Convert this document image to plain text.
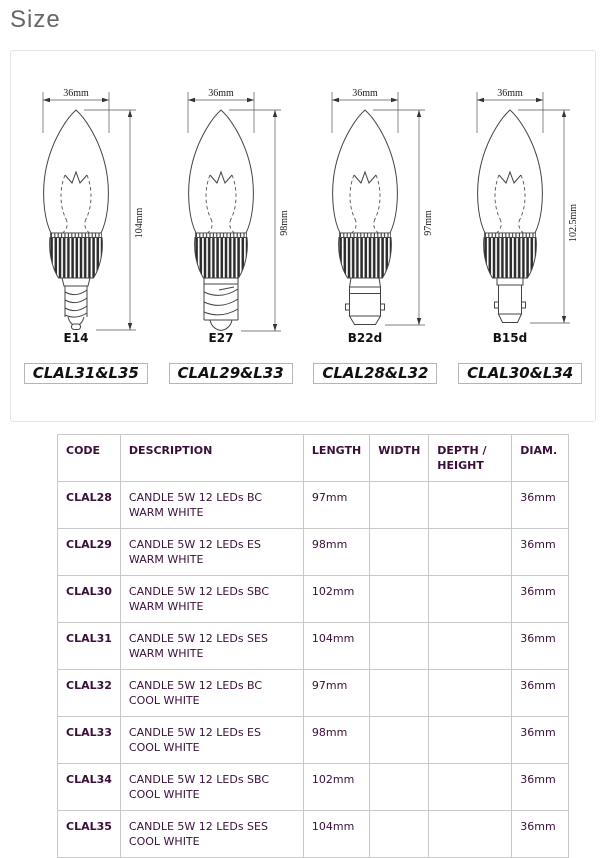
Size
36mm
104mm
E14
CLAL31&L35
36mm
98mm
E27
CLAL29&L33
36mm
97mm
B22d
CLAL28&L32
36mm
102.5mm
B15d
CLAL30&L34
CODE	DESCRIPTION	LENGTH	WIDTH	DEPTH / HEIGHT	DIAM.
CLAL28	CANDLE 5W 12 LEDs BC
WARM WHITE	97mm			36mm
CLAL29	CANDLE 5W 12 LEDs ES
WARM WHITE	98mm			36mm
CLAL30	CANDLE 5W 12 LEDs SBC
WARM WHITE	102mm			36mm
CLAL31	CANDLE 5W 12 LEDs SES
WARM WHITE	104mm			36mm
CLAL32	CANDLE 5W 12 LEDs BC
COOL WHITE	97mm			36mm
CLAL33	CANDLE 5W 12 LEDs ES
COOL WHITE	98mm			36mm
CLAL34	CANDLE 5W 12 LEDs SBC
COOL WHITE	102mm			36mm
CLAL35	CANDLE 5W 12 LEDs SES
COOL WHITE	104mm			36mm
